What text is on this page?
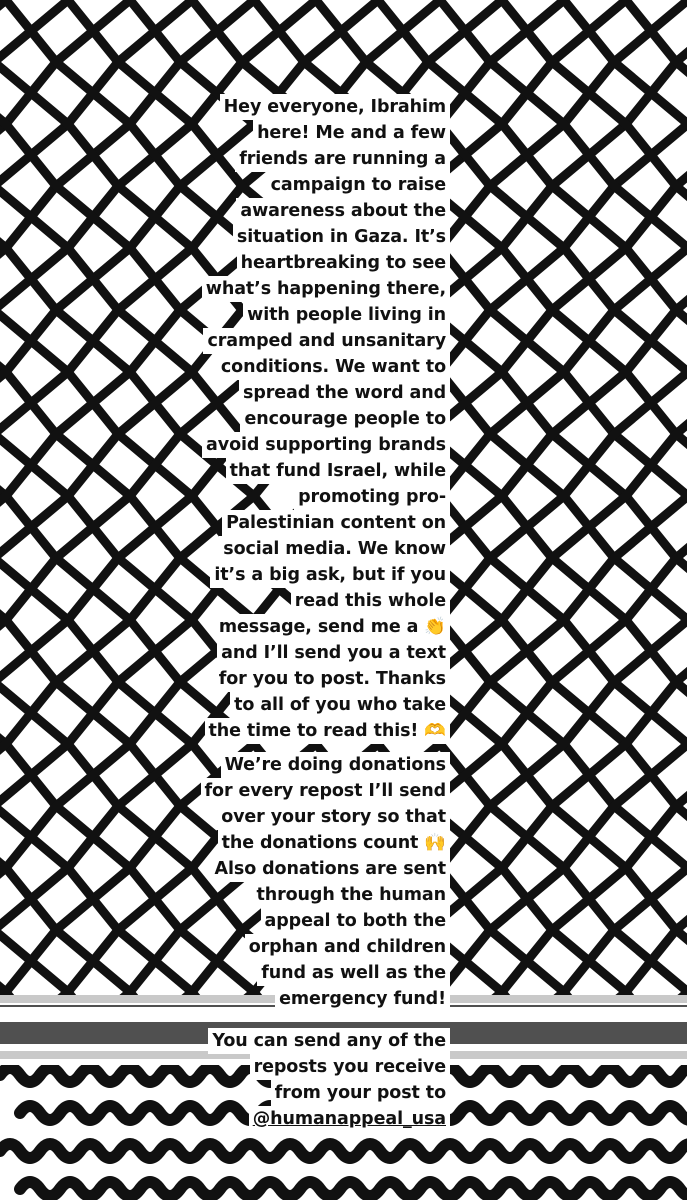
Hey everyone, Ibrahim
here! Me and a few
friends are running a
campaign to raise
awareness about the
situation in Gaza. It’s
heartbreaking to see
what’s happening there,
with people living in
cramped and unsanitary
conditions. We want to
spread the word and
encourage people to
avoid supporting brands
that fund Israel, while
promoting pro-
Palestinian content on
social media. We know
it’s a big ask, but if you
read this whole
message, send me a 👏
and I’ll send you a text
for you to post. Thanks
to all of you who take
the time to read this! 🫶
We’re doing donations
for every repost I’ll send
over your story so that
the donations count 🙌
Also donations are sent
through the human
appeal to both the
orphan and children
fund as well as the
emergency fund!
You can send any of the
reposts you receive
from your post to
@humanappeal_usa
